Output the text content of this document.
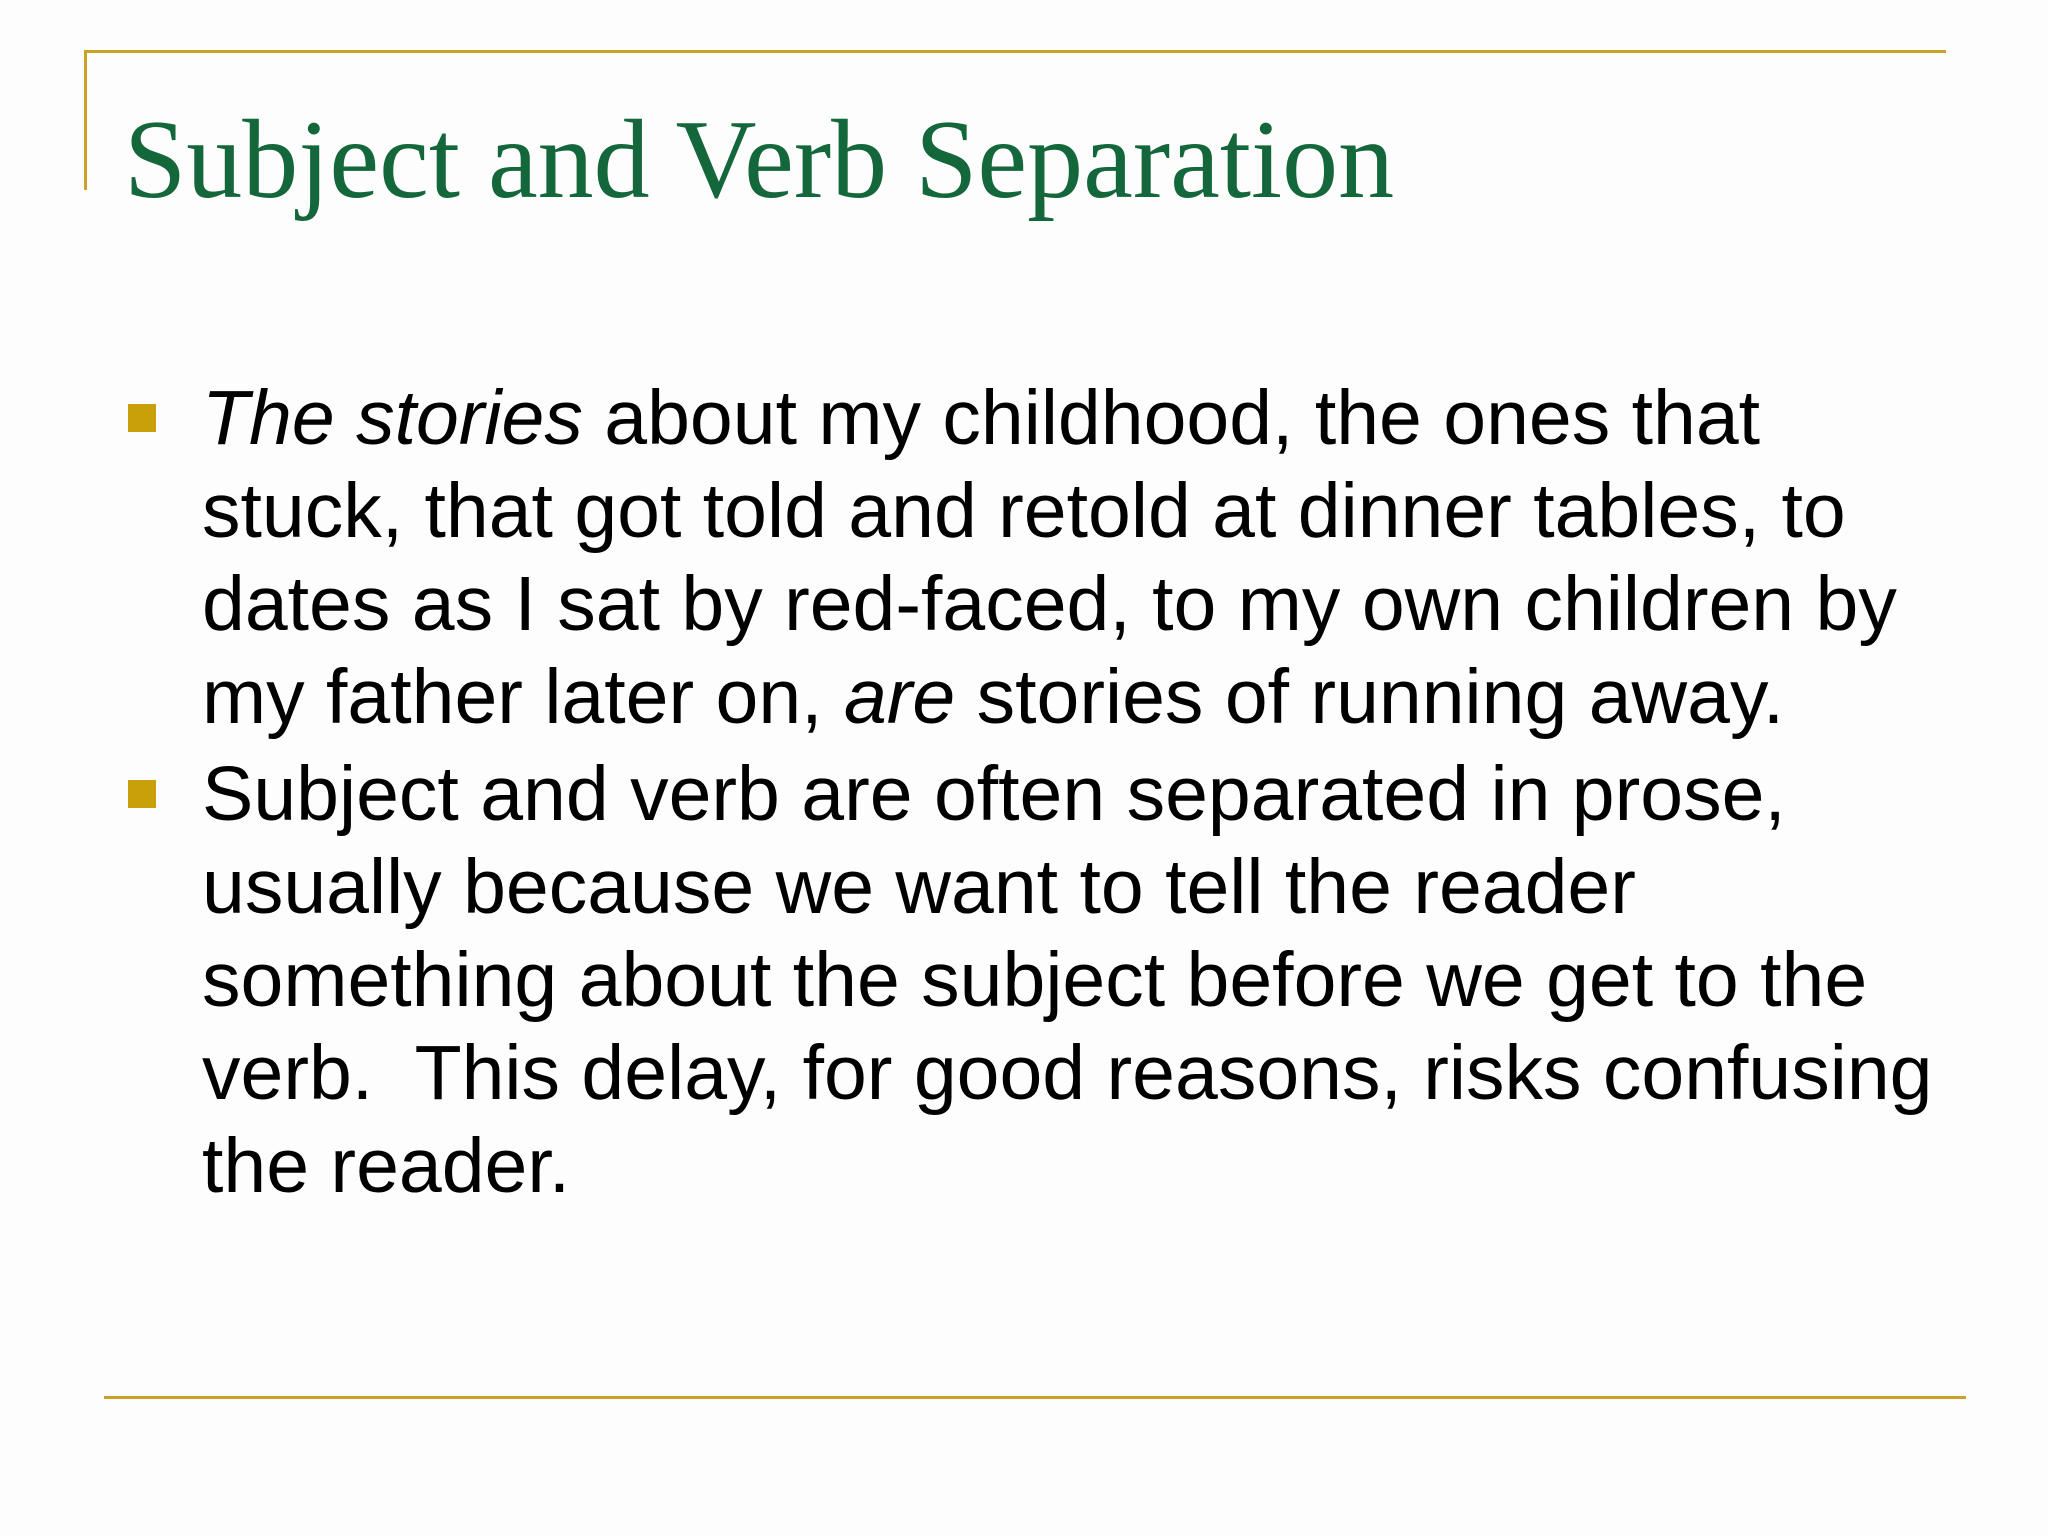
Subject and Verb Separation
The stories about my childhood, the ones that stuck, that got told and retold at dinner tables, to dates as I sat by red-faced, to my own children by my father later on, are stories of running away.
Subject and verb are often separated in prose, usually because we want to tell the reader something about the subject before we get to the verb.  This delay, for good reasons, risks confusing the reader.
